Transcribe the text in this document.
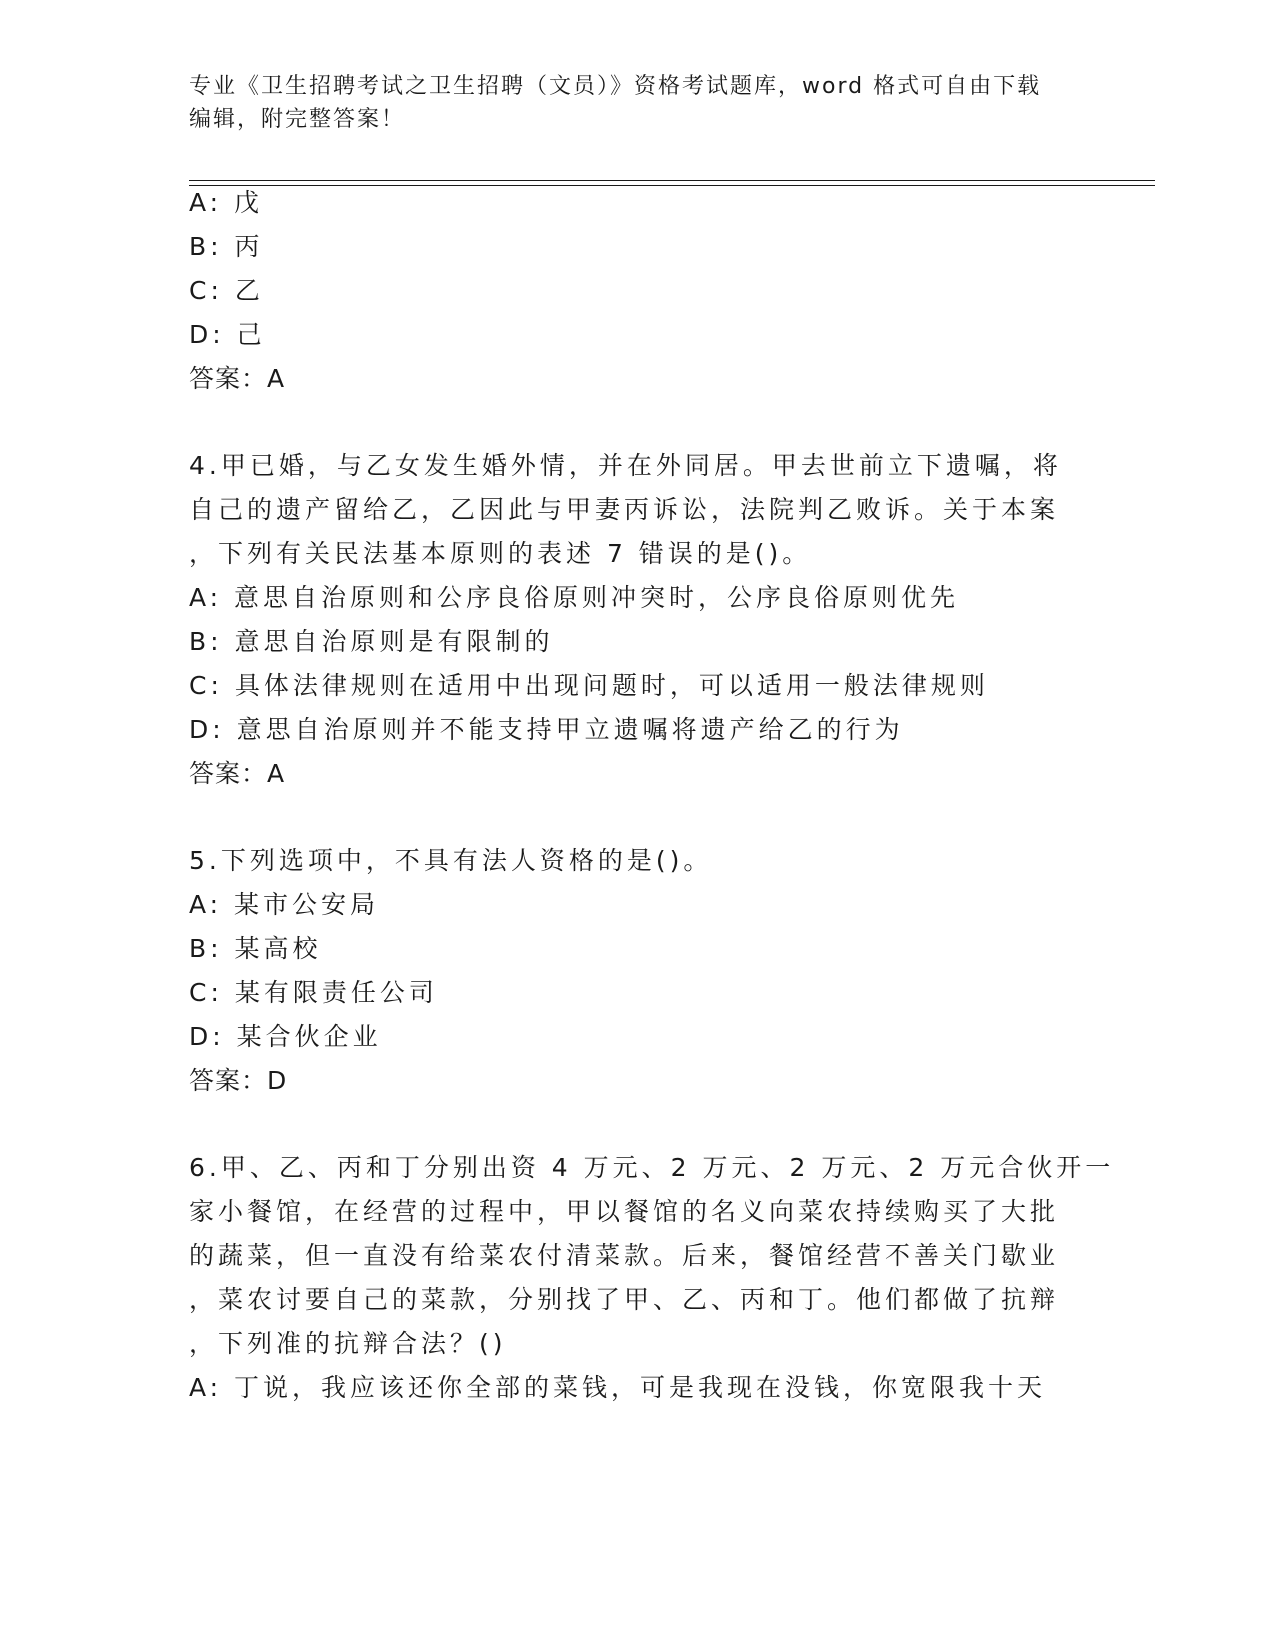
专业《卫生招聘考试之卫生招聘（文员）》资格考试题库，word 格式可自由下载
编辑，附完整答案！
A: 戊
B: 丙
C: 乙
D: 己
答案：A
4.甲已婚，与乙女发生婚外情，并在外同居。甲去世前立下遗嘱，将
自己的遗产留给乙，乙因此与甲妻丙诉讼，法院判乙败诉。关于本案
，下列有关民法基本原则的表述 7 错误的是()。
A: 意思自治原则和公序良俗原则冲突时，公序良俗原则优先
B: 意思自治原则是有限制的
C: 具体法律规则在适用中出现问题时，可以适用一般法律规则
D: 意思自治原则并不能支持甲立遗嘱将遗产给乙的行为
答案：A
5.下列选项中，不具有法人资格的是()。
A: 某市公安局
B: 某高校
C: 某有限责任公司
D: 某合伙企业
答案：D
6.甲、乙、丙和丁分别出资 4 万元、2 万元、2 万元、2 万元合伙开一
家小餐馆，在经营的过程中，甲以餐馆的名义向菜农持续购买了大批
的蔬菜，但一直没有给菜农付清菜款。后来，餐馆经营不善关门歇业
，菜农讨要自己的菜款，分别找了甲、乙、丙和丁。他们都做了抗辩
，下列准的抗辩合法？()
A: 丁说，我应该还你全部的菜钱，可是我现在没钱，你宽限我十天
